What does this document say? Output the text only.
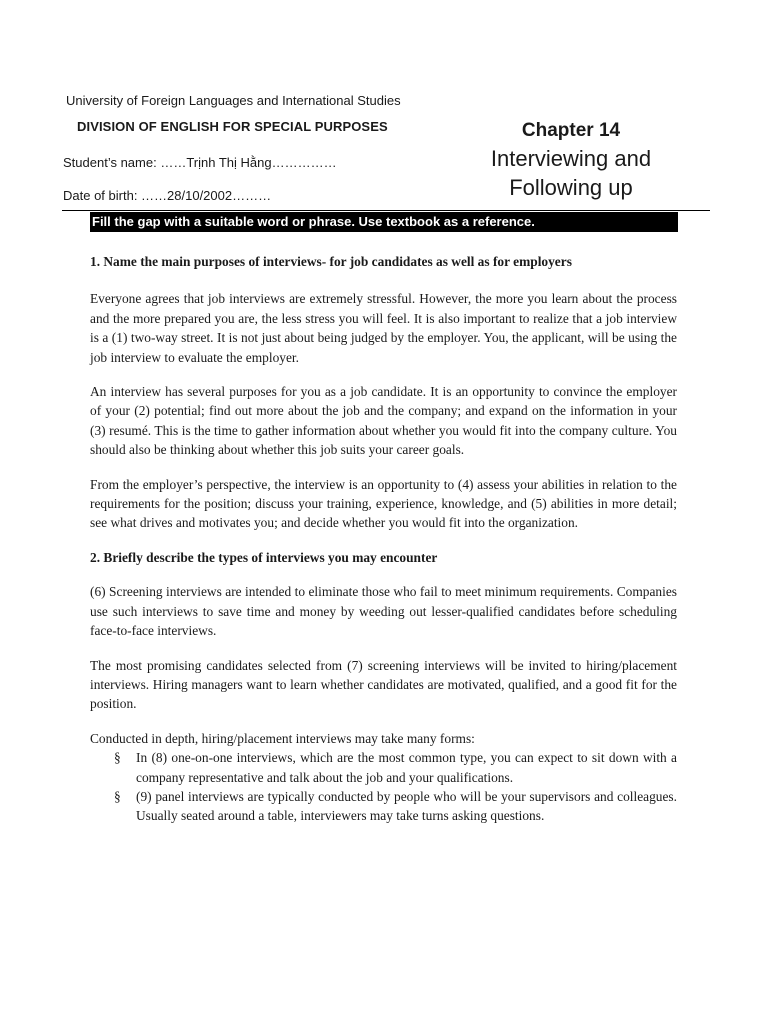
University of Foreign Languages and International Studies
DIVISION OF ENGLISH FOR SPECIAL PURPOSES
Student’s name: ……Trịnh Thị Hằng……………
Date of birth: ……28/10/2002………
Chapter 14
Interviewing and
Following up
Fill the gap with a suitable word or phrase. Use textbook as a reference.
1. Name the main purposes of interviews- for job candidates as well as for employers

Everyone agrees that job interviews are extremely stressful. However, the more you learn about the process and the more prepared you are, the less stress you will feel. It is also important to realize that a job interview is a (1) two-way street. It is not just about being judged by the employer. You, the applicant, will be using the job interview to evaluate the employer.

An interview has several purposes for you as a job candidate. It is an opportunity to convince the employer of your (2) potential; find out more about the job and the company; and expand on the information in your (3) resumé. This is the time to gather information about whether you would fit into the company culture. You should also be thinking about whether this job suits your career goals.

From the employer’s perspective, the interview is an opportunity to (4) assess your abilities in relation to the requirements for the position; discuss your training, experience, knowledge, and (5) abilities in more detail; see what drives and motivates you; and decide whether you would fit into the organization.

2. Briefly describe the types of interviews you may encounter

(6) Screening interviews are intended to eliminate those who fail to meet minimum requirements. Companies use such interviews to save time and money by weeding out lesser-qualified candidates before scheduling face-to-face interviews.

The most promising candidates selected from (7) screening interviews will be invited to hiring/placement interviews. Hiring managers want to learn whether candidates are motivated, qualified, and a good fit for the position.

Conducted in depth, hiring/placement interviews may take many forms:

§ In (8) one-on-one interviews, which are the most common type, you can expect to sit down with a company representative and talk about the job and your qualifications.
§ (9) panel interviews are typically conducted by people who will be your supervisors and colleagues. Usually seated around a table, interviewers may take turns asking questions.
